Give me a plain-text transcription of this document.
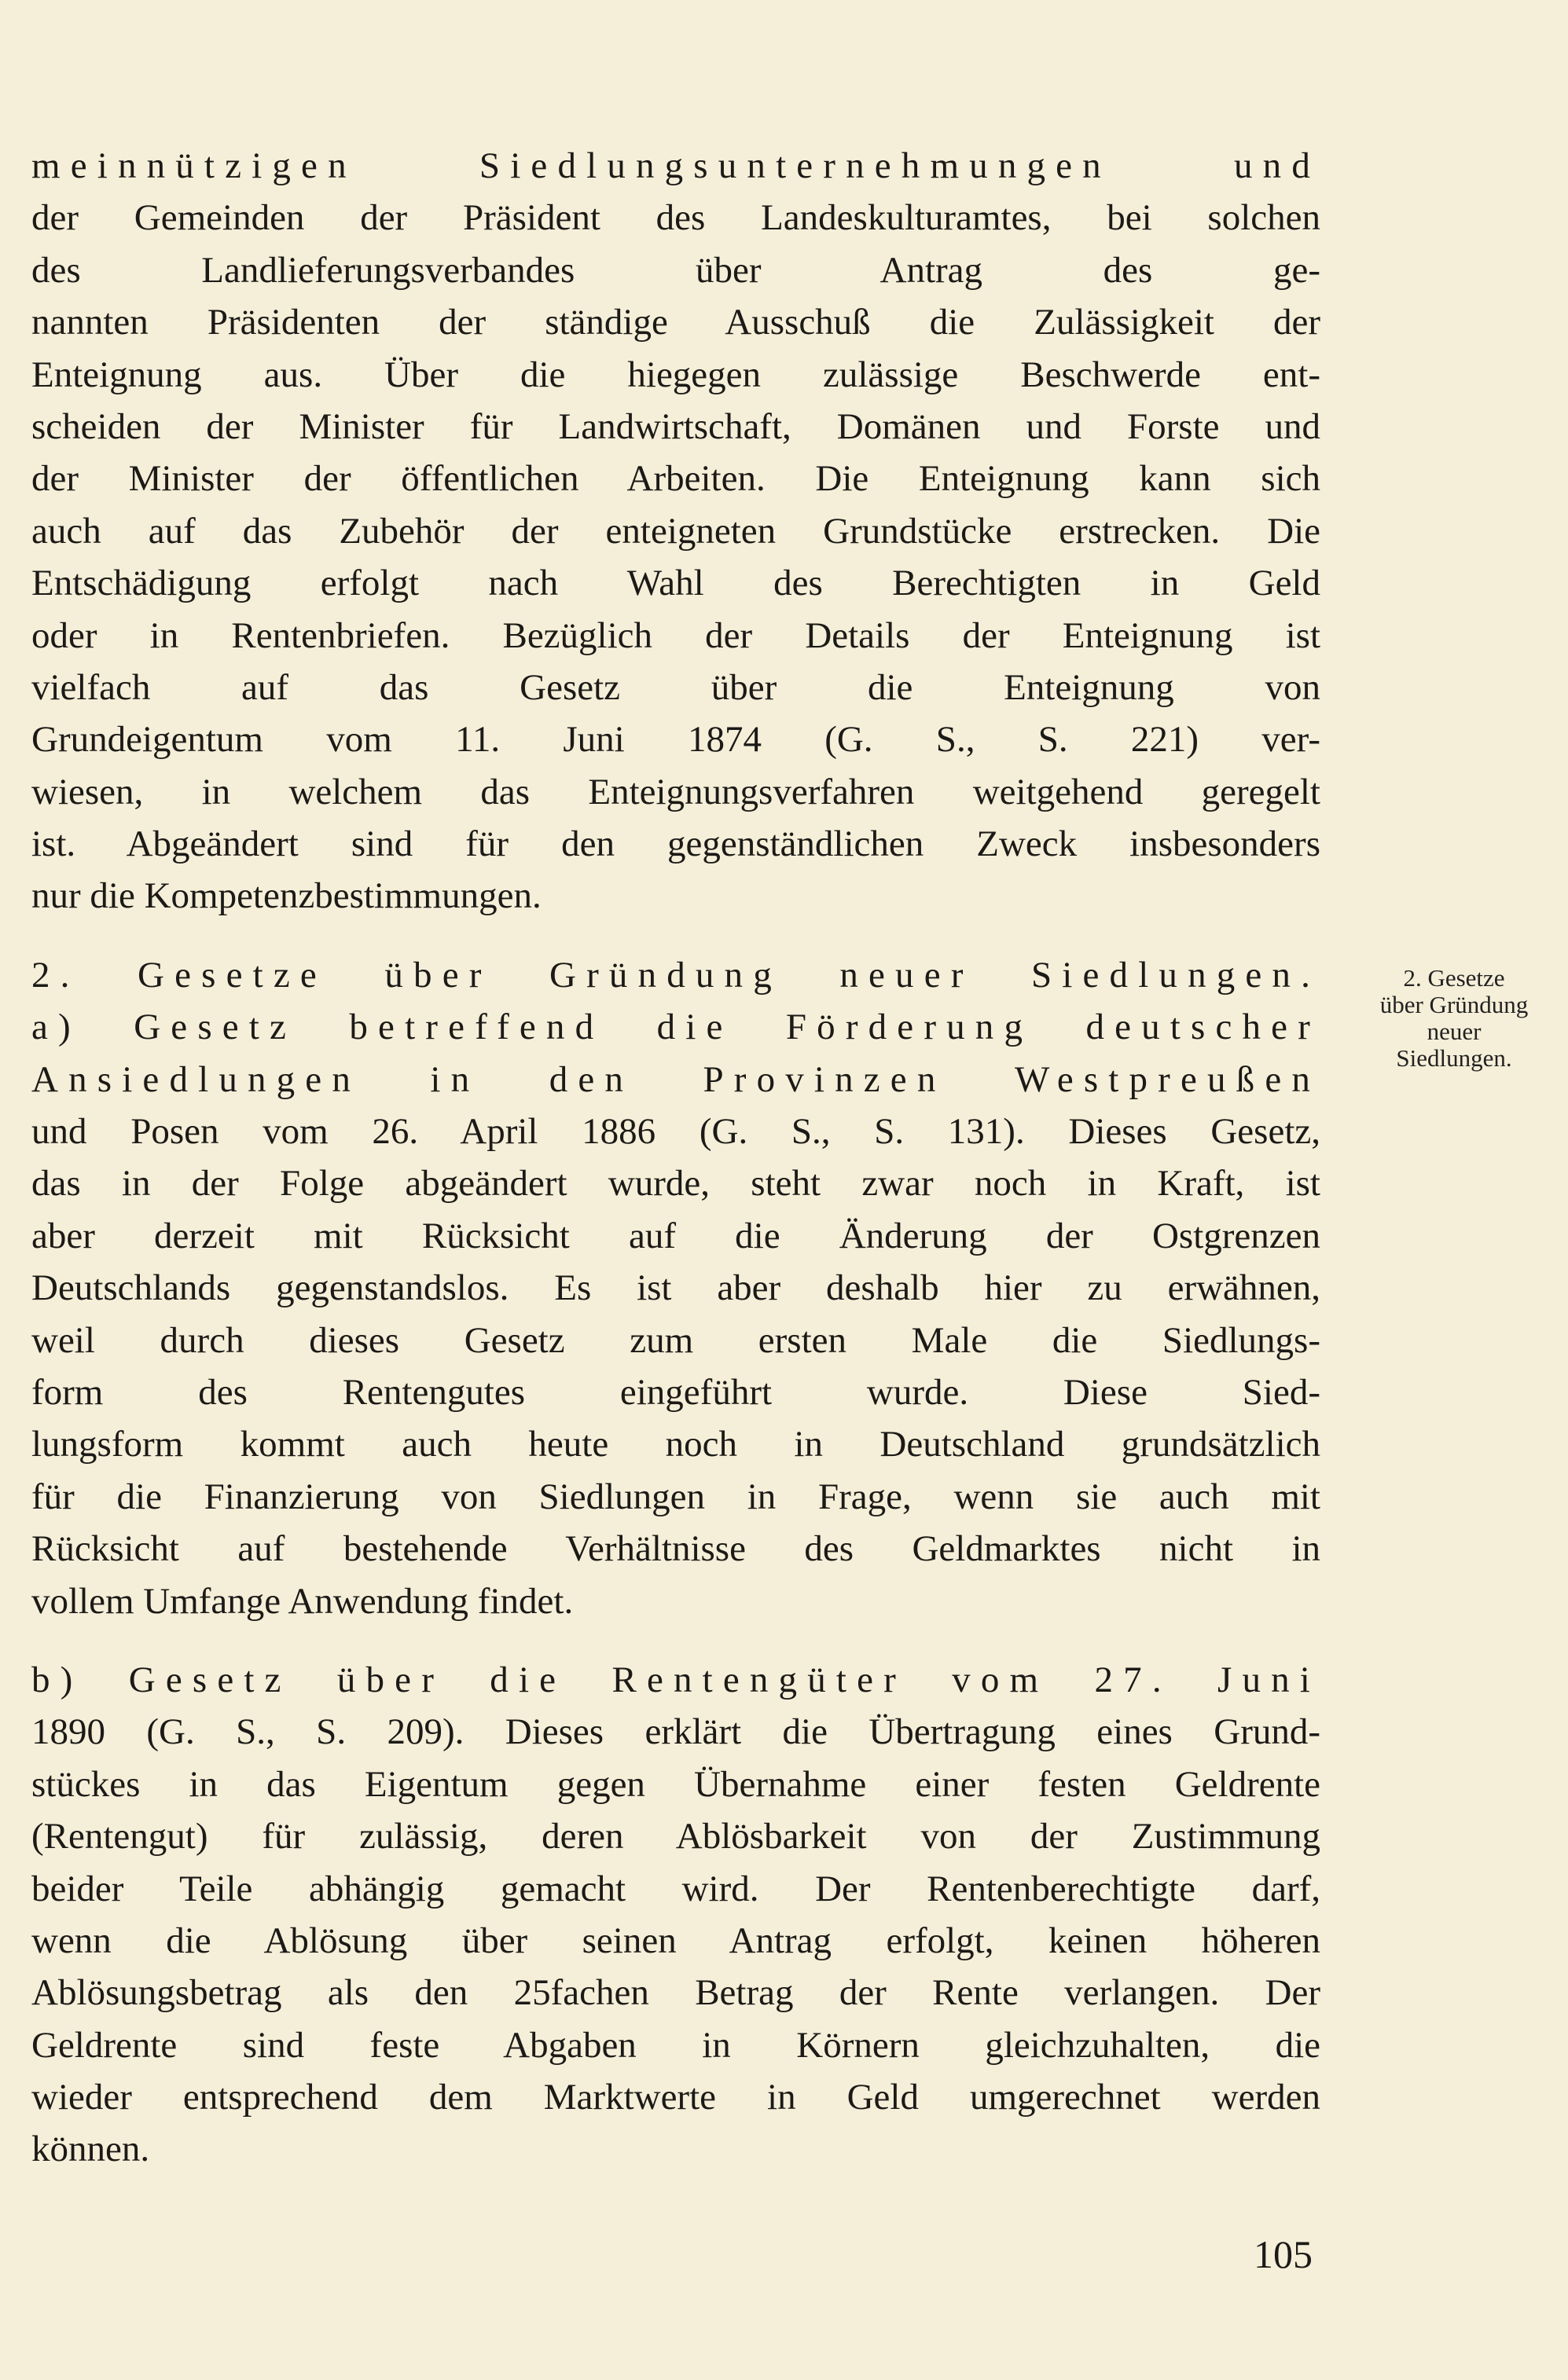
meinnützigen Siedlungsunternehmungen und
der Gemeinden der Präsident des Landeskulturamtes, bei solchen
des Landlieferungsverbandes über Antrag des ge-
nannten Präsidenten der ständige Ausschuß die Zulässigkeit der
Enteignung aus. Über die hiegegen zulässige Beschwerde ent-
scheiden der Minister für Landwirtschaft, Domänen und Forste und
der Minister der öffentlichen Arbeiten. Die Enteignung kann sich
auch auf das Zubehör der enteigneten Grundstücke erstrecken. Die
Entschädigung erfolgt nach Wahl des Berechtigten in Geld
oder in Rentenbriefen. Bezüglich der Details der Enteignung ist
vielfach auf das Gesetz über die Enteignung von
Grundeigentum vom 11. Juni 1874 (G. S., S. 221) ver-
wiesen, in welchem das Enteignungsverfahren weitgehend geregelt
ist. Abgeändert sind für den gegenständlichen Zweck insbesonders
nur die Kompetenzbestimmungen.
2. Gesetze über Gründung neuer Siedlungen.
a) Gesetz betreffend die Förderung deutscher
Ansiedlungen in den Provinzen Westpreußen
und Posen vom 26. April 1886 (G. S., S. 131). Dieses Gesetz,
das in der Folge abgeändert wurde, steht zwar noch in Kraft, ist
aber derzeit mit Rücksicht auf die Änderung der Ostgrenzen
Deutschlands gegenstandslos. Es ist aber deshalb hier zu erwähnen,
weil durch dieses Gesetz zum ersten Male die Siedlungs-
form des Rentengutes eingeführt wurde. Diese Sied-
lungsform kommt auch heute noch in Deutschland grundsätzlich
für die Finanzierung von Siedlungen in Frage, wenn sie auch mit
Rücksicht auf bestehende Verhältnisse des Geldmarktes nicht in
vollem Umfange Anwendung findet.
b) Gesetz über die Rentengüter vom 27. Juni
1890 (G. S., S. 209). Dieses erklärt die Übertragung eines Grund-
stückes in das Eigentum gegen Übernahme einer festen Geldrente
(Rentengut) für zulässig, deren Ablösbarkeit von der Zustimmung
beider Teile abhängig gemacht wird. Der Rentenberechtigte darf,
wenn die Ablösung über seinen Antrag erfolgt, keinen höheren
Ablösungsbetrag als den 25fachen Betrag der Rente verlangen. Der
Geldrente sind feste Abgaben in Körnern gleichzuhalten, die
wieder entsprechend dem Marktwerte in Geld umgerechnet werden
können.
2. Gesetze
über Gründung
neuer
Siedlungen.
105
